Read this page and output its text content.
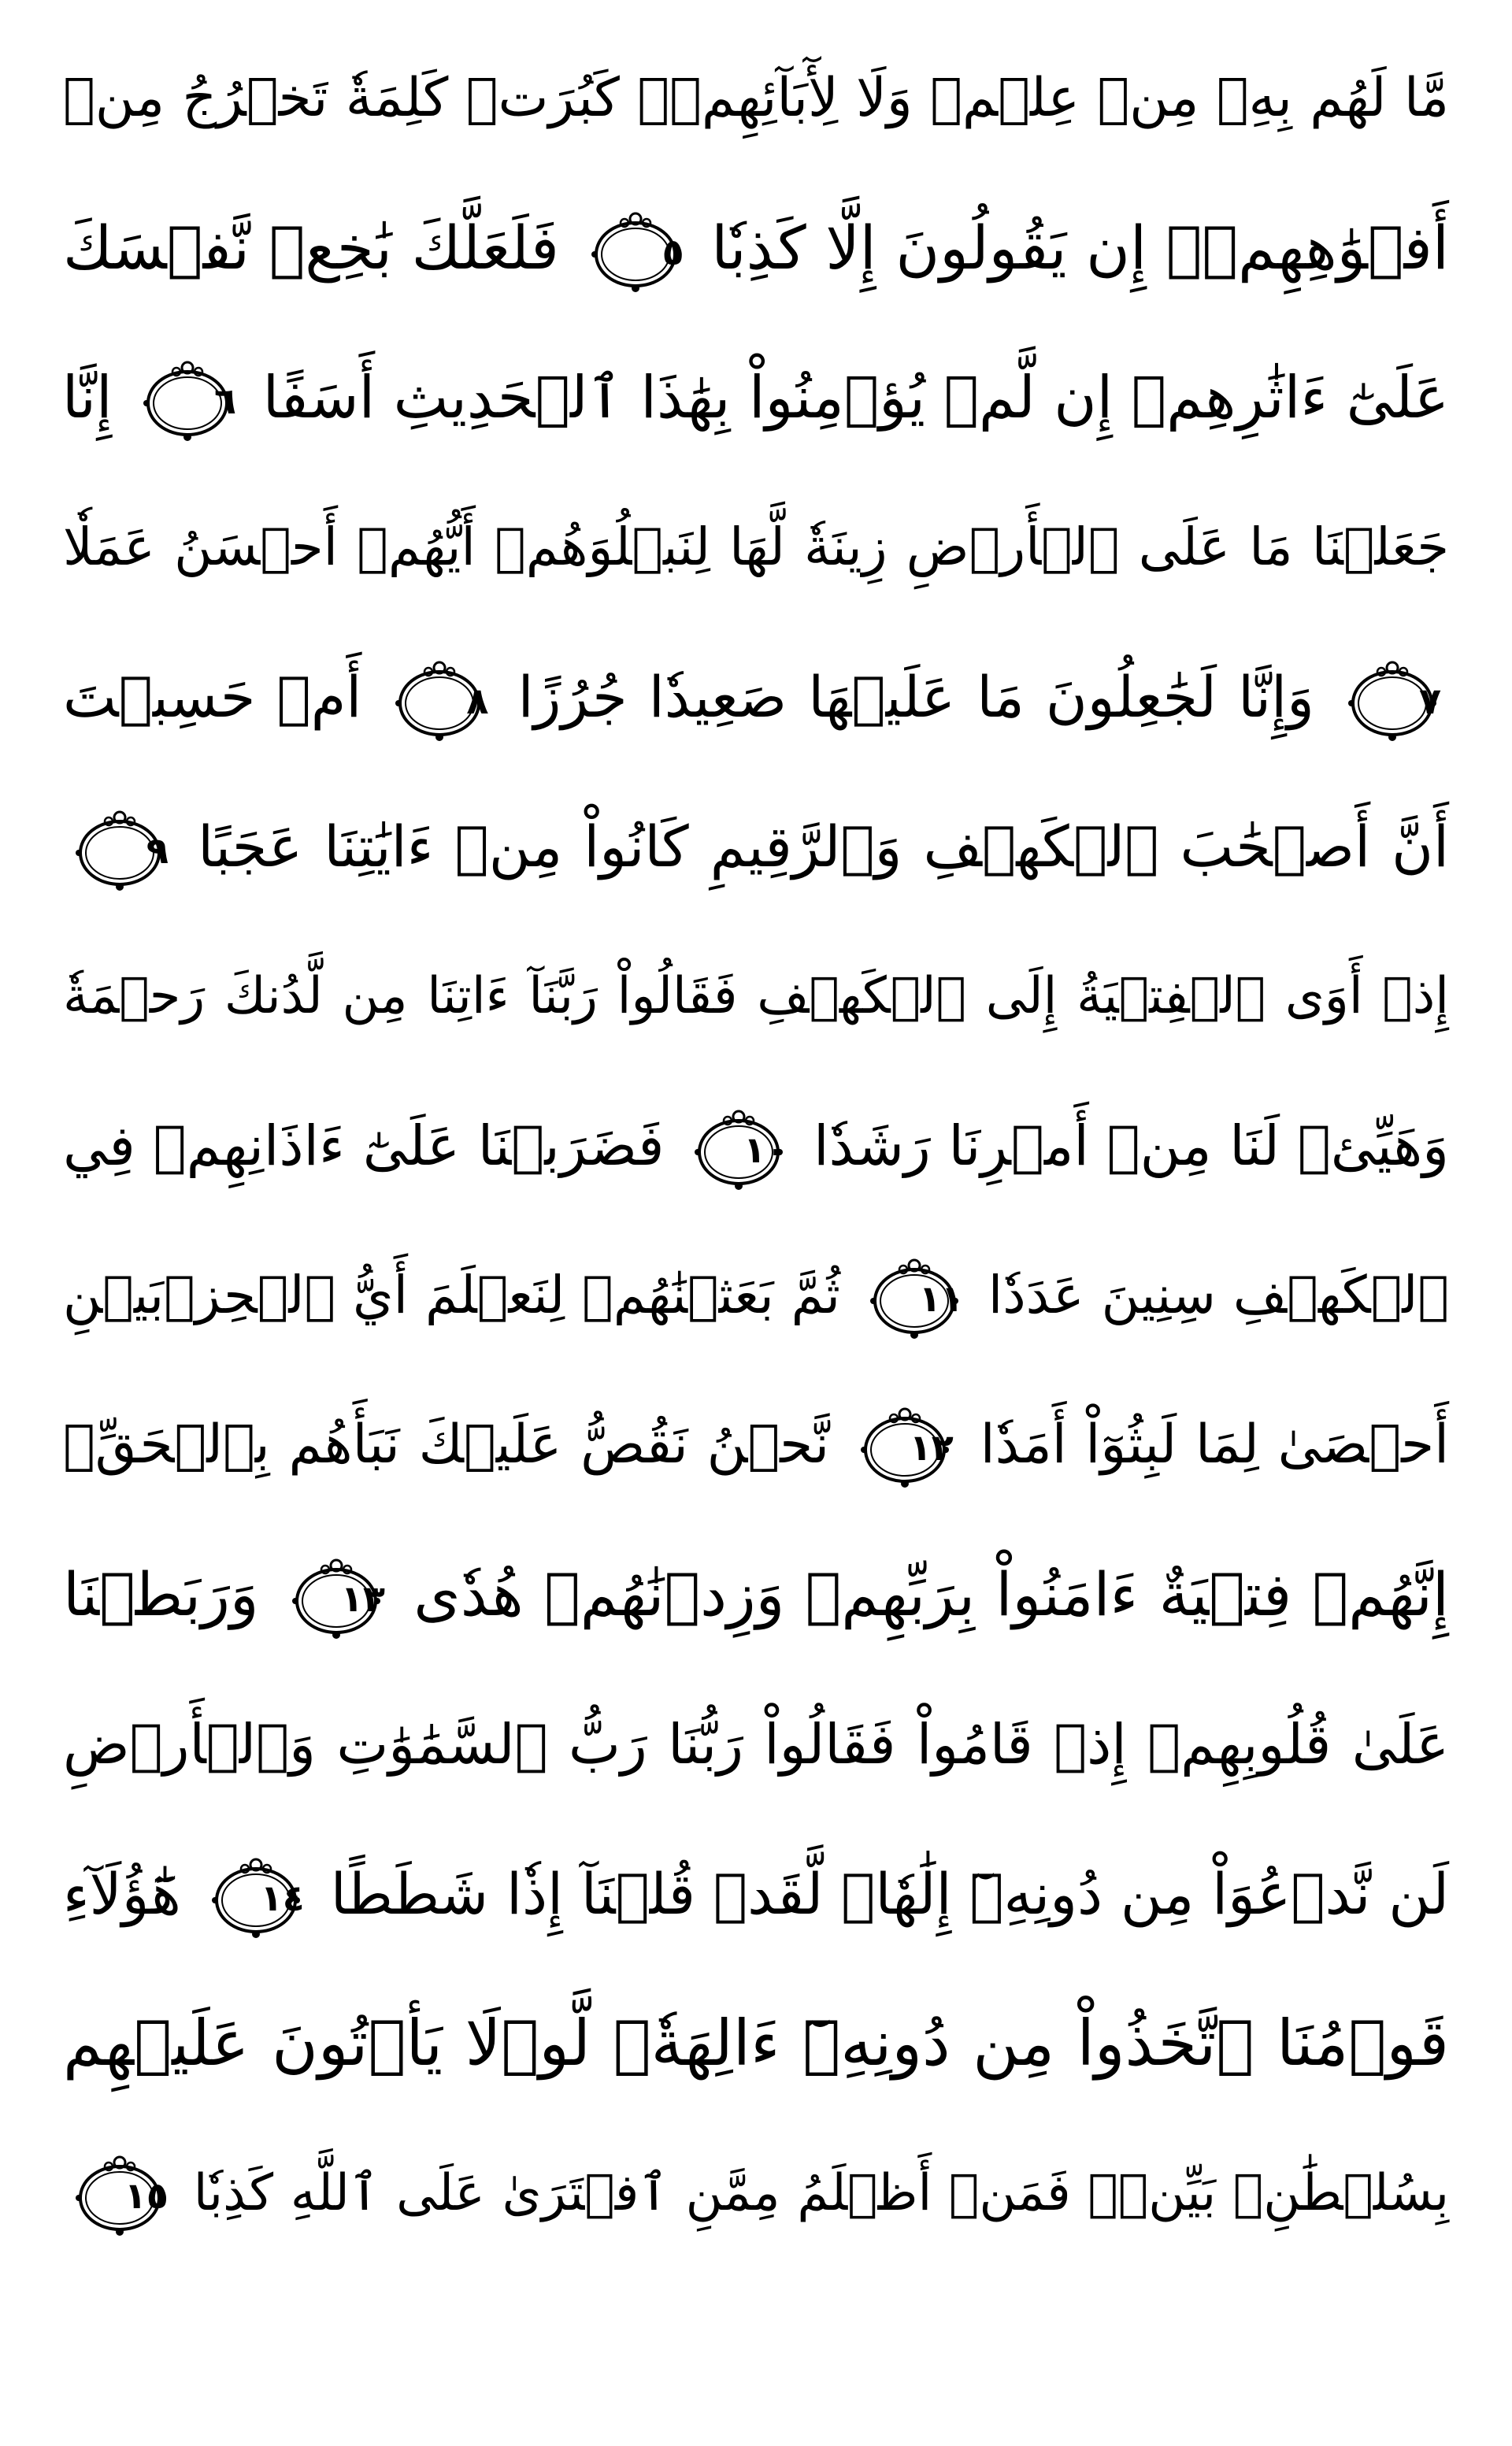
مَّا لَهُم بِهِۦ مِنۡ عِلۡمٖ وَلَا لِأٓبَآئِهِمۡۚ كَبُرَتۡ كَلِمَةٗ تَخۡرُجُ مِنۡ
أَفۡوَٰهِهِمۡۚ إِن يَقُولُونَ إِلَّا كَذِبٗا
٥
فَلَعَلَّكَ بَٰخِعٞ نَّفۡسَكَ
عَلَىٰٓ ءَاثَٰرِهِمۡ إِن لَّمۡ يُؤۡمِنُواْ بِهَٰذَا ٱلۡحَدِيثِ أَسَفًا
٦
إِنَّا
جَعَلۡنَا مَا عَلَى ٱلۡأَرۡضِ زِينَةٗ لَّهَا لِنَبۡلُوَهُمۡ أَيُّهُمۡ أَحۡسَنُ عَمَلٗا
٧
وَإِنَّا لَجَٰعِلُونَ مَا عَلَيۡهَا صَعِيدٗا جُرُزًا
٨
أَمۡ حَسِبۡتَ
أَنَّ أَصۡحَٰبَ ٱلۡكَهۡفِ وَٱلرَّقِيمِ كَانُواْ مِنۡ ءَايَٰتِنَا عَجَبًا
٩
إِذۡ أَوَى ٱلۡفِتۡيَةُ إِلَى ٱلۡكَهۡفِ فَقَالُواْ رَبَّنَآ ءَاتِنَا مِن لَّدُنكَ رَحۡمَةٗ
وَهَيِّئۡ لَنَا مِنۡ أَمۡرِنَا رَشَدٗا
١٠
فَضَرَبۡنَا عَلَىٰٓ ءَاذَانِهِمۡ فِي
ٱلۡكَهۡفِ سِنِينَ عَدَدٗا
١١
ثُمَّ بَعَثۡنَٰهُمۡ لِنَعۡلَمَ أَيُّ ٱلۡحِزۡبَيۡنِ
أَحۡصَىٰ لِمَا لَبِثُوٓاْ أَمَدٗا
١٢
نَّحۡنُ نَقُصُّ عَلَيۡكَ نَبَأَهُم بِٱلۡحَقِّۚ
إِنَّهُمۡ فِتۡيَةٌ ءَامَنُواْ بِرَبِّهِمۡ وَزِدۡنَٰهُمۡ هُدٗى
١٣
وَرَبَطۡنَا
عَلَىٰ قُلُوبِهِمۡ إِذۡ قَامُواْ فَقَالُواْ رَبُّنَا رَبُّ ٱلسَّمَٰوَٰتِ وَٱلۡأَرۡضِ
لَن نَّدۡعُوَاْ مِن دُونِهِۦٓ إِلَٰهٗاۖ لَّقَدۡ قُلۡنَآ إِذٗا شَطَطًا
١٤
هَٰٓؤُلَآءِ
قَوۡمُنَا ٱتَّخَذُواْ مِن دُونِهِۦٓ ءَالِهَةٗۖ لَّوۡلَا يَأۡتُونَ عَلَيۡهِم
بِسُلۡطَٰنِۭ بَيِّنٖۖ فَمَنۡ أَظۡلَمُ مِمَّنِ ٱفۡتَرَىٰ عَلَى ٱللَّهِ كَذِبٗا
١٥
